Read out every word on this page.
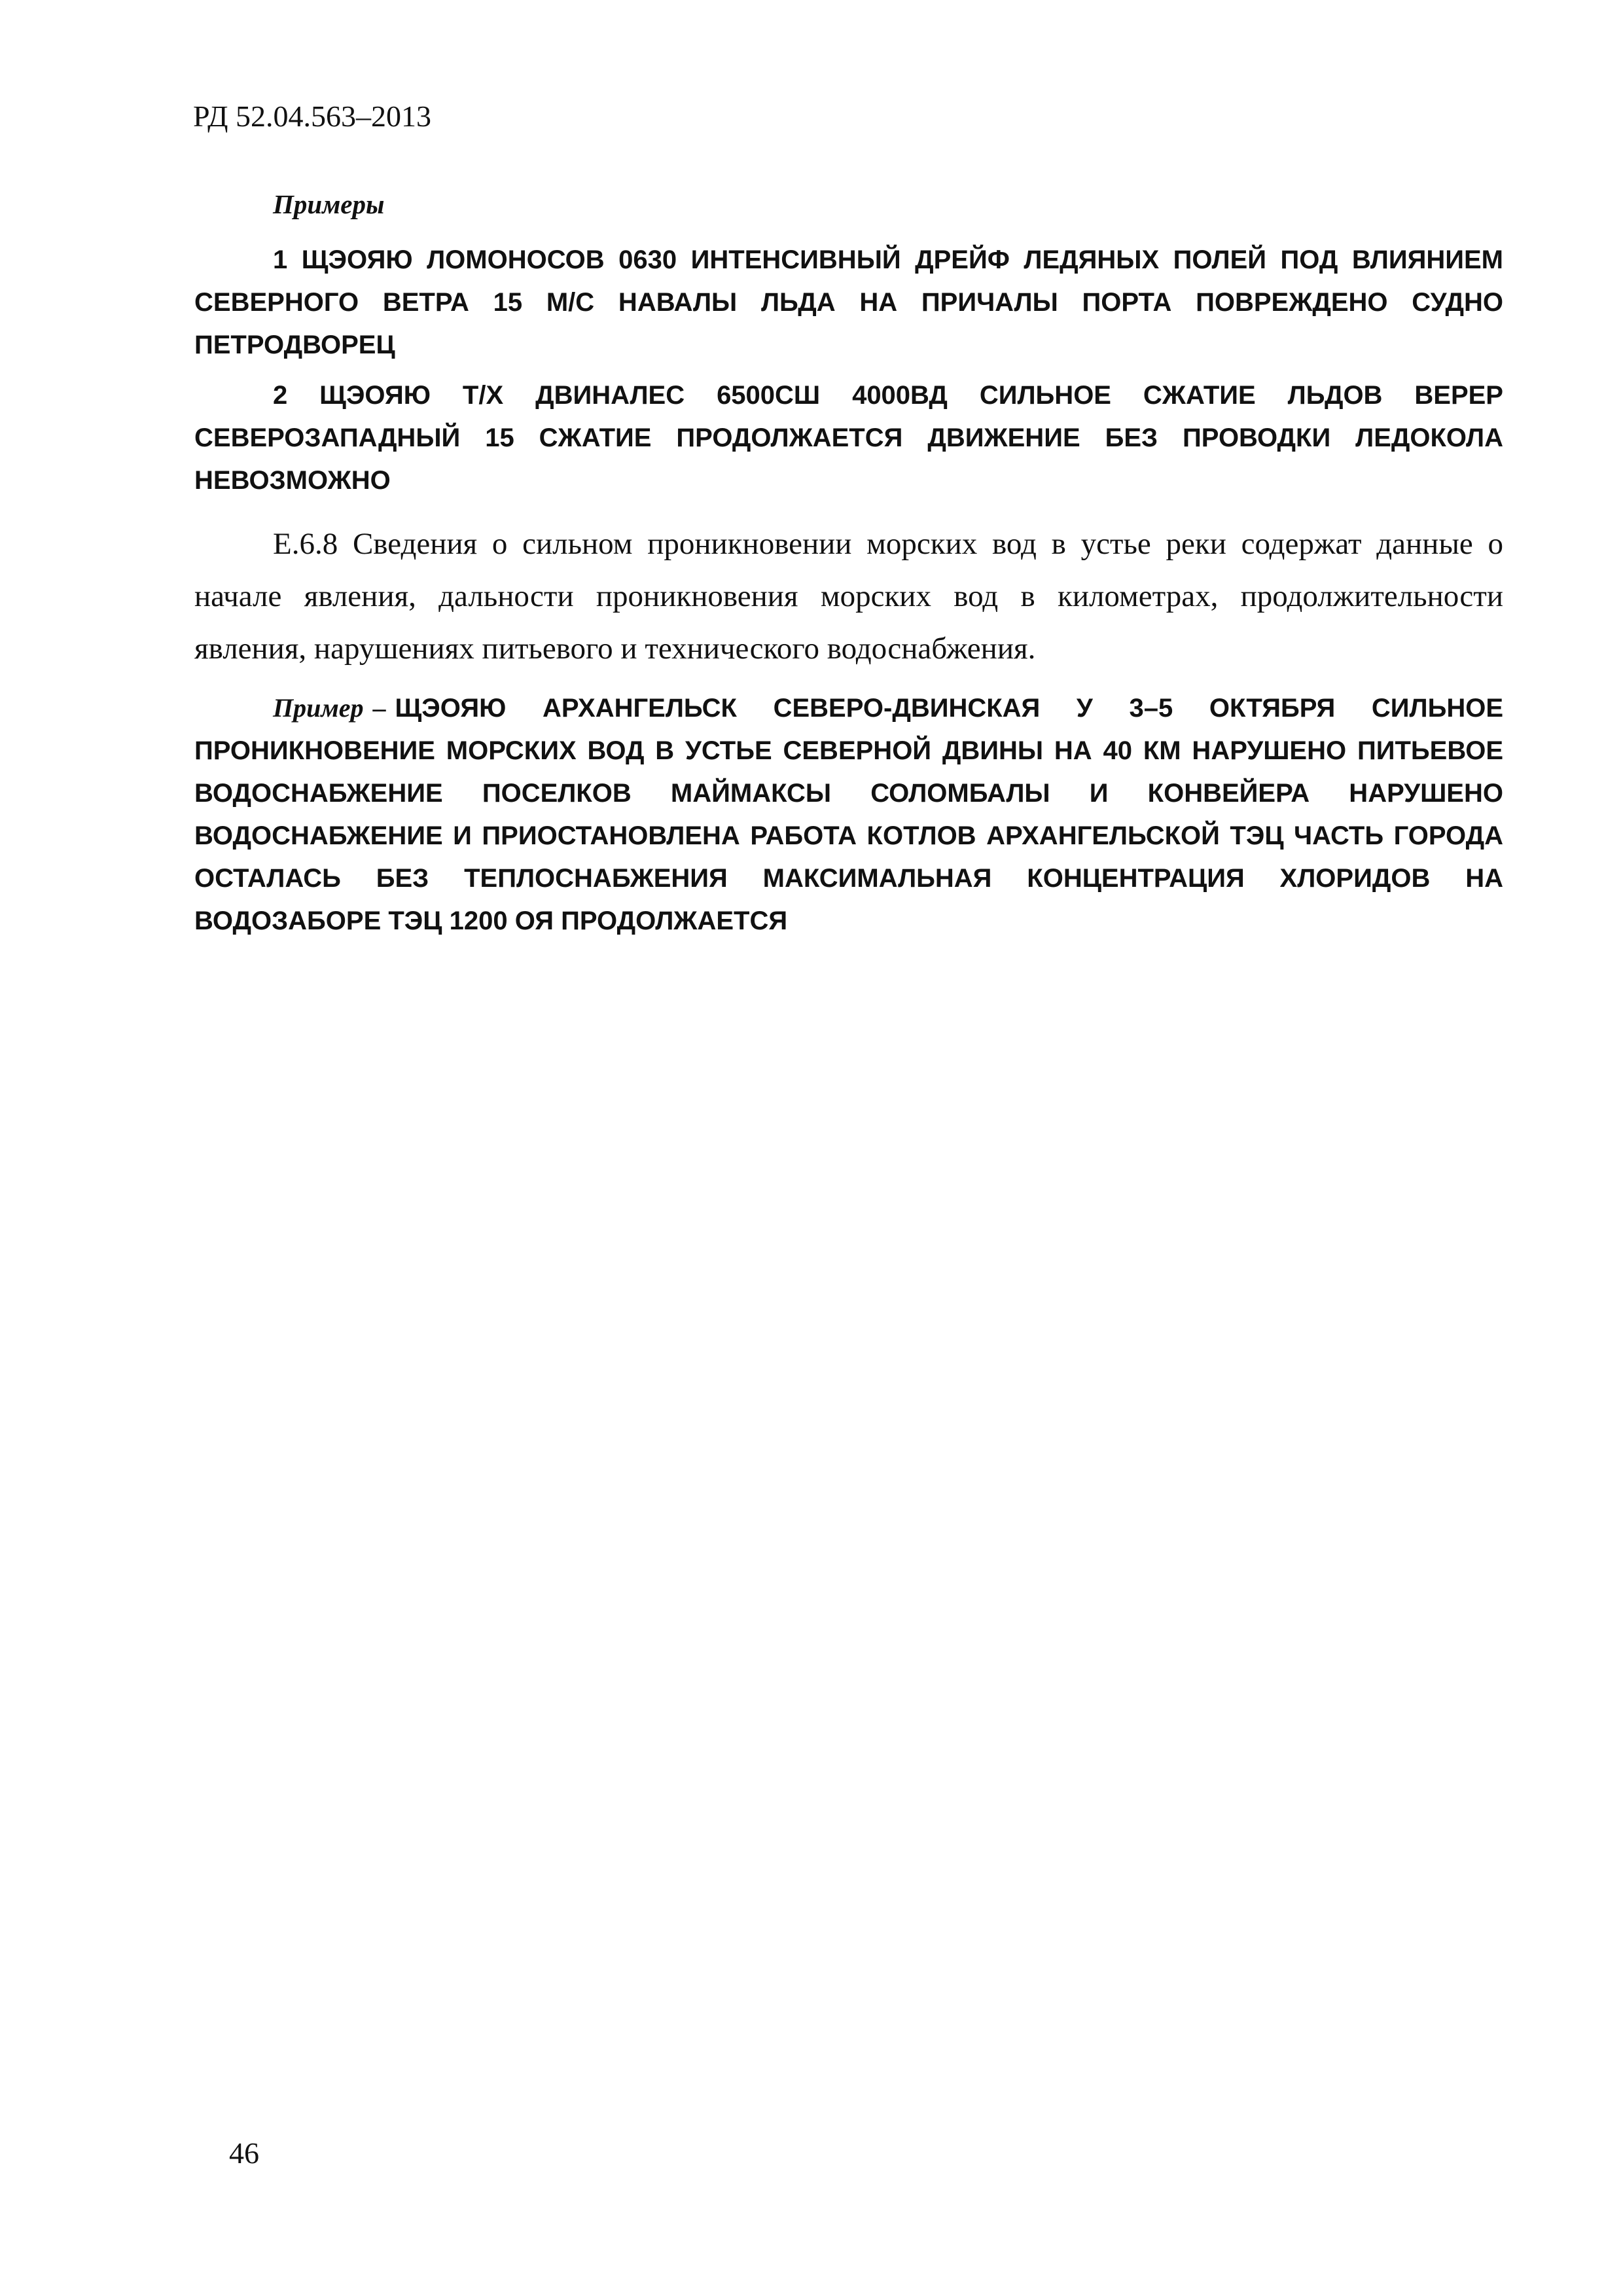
РД 52.04.563–2013

Примеры

1 ЩЭОЯЮ ЛОМОНОСОВ 0630 ИНТЕНСИВНЫЙ ДРЕЙФ ЛЕДЯНЫХ ПОЛЕЙ ПОД ВЛИЯНИЕМ СЕВЕРНОГО ВЕТРА 15 М/С НАВАЛЫ ЛЬДА НА ПРИЧАЛЫ ПОРТА ПОВРЕЖДЕНО СУДНО ПЕТРОДВОРЕЦ

2 ЩЭОЯЮ Т/Х ДВИНАЛЕС 6500СШ 4000ВД СИЛЬНОЕ СЖАТИЕ ЛЬДОВ ВЕРЕР СЕВЕРОЗАПАДНЫЙ 15 СЖАТИЕ ПРОДОЛЖАЕТСЯ ДВИЖЕНИЕ БЕЗ ПРОВОДКИ ЛЕДОКОЛА НЕВОЗМОЖНО

Е.6.8 Сведения о сильном проникновении морских вод в устье реки содержат данные о начале явления, дальности проникновения морских вод в километрах, продолжительности явления, нарушениях питьевого и технического водоснабжения.

Пример – ЩЭОЯЮ АРХАНГЕЛЬСК СЕВЕРО-ДВИНСКАЯ У 3–5 ОКТЯБРЯ СИЛЬНОЕ ПРОНИКНОВЕНИЕ МОРСКИХ ВОД В УСТЬЕ СЕВЕРНОЙ ДВИНЫ НА 40 КМ НАРУШЕНО ПИТЬЕВОЕ ВОДОСНАБЖЕНИЕ ПОСЕЛКОВ МАЙМАКСЫ СОЛОМБАЛЫ И КОНВЕЙЕРА НАРУШЕНО ВОДОСНАБЖЕНИЕ И ПРИОСТАНОВЛЕНА РАБОТА КОТЛОВ АРХАНГЕЛЬСКОЙ ТЭЦ ЧАСТЬ ГОРОДА ОСТАЛАСЬ БЕЗ ТЕПЛОСНАБЖЕНИЯ МАКСИМАЛЬНАЯ КОНЦЕНТРАЦИЯ ХЛОРИДОВ НА ВОДОЗАБОРЕ ТЭЦ 1200 ОЯ ПРОДОЛЖАЕТСЯ

46
